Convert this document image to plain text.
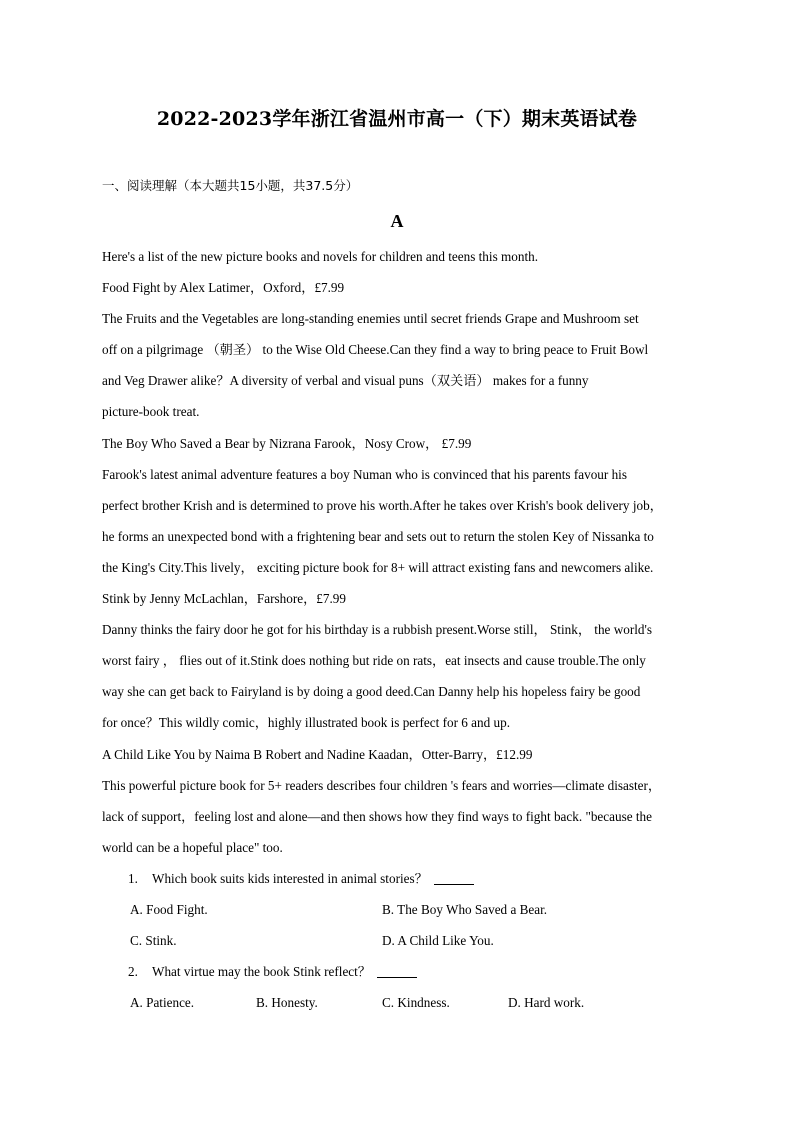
2022-2023学年浙江省温州市高一（下）期末英语试卷
一、阅读理解（本大题共15小题，共37.5分）
A
Here's a list of the new picture books and novels for children and teens this month.
Food Fight by Alex Latimer，Oxford，£7.99
The Fruits and the Vegetables are long-standing enemies until secret friends Grape and Mushroom set
off on a pilgrimage （朝圣） to the Wise Old Cheese.Can they find a way to bring peace to Fruit Bowl
and Veg Drawer alike？A diversity of verbal and visual puns（双关语） makes for a funny
picture-book treat.
The Boy Who Saved a Bear by Nizrana Farook，Nosy Crow， £7.99
Farook's latest animal adventure features a boy Numan who is convinced that his parents favour his
perfect brother Krish and is determined to prove his worth.After he takes over Krish's book delivery job，
he forms an unexpected bond with a frightening bear and sets out to return the stolen Key of Nissanka to
the King's City.This lively， exciting picture book for 8+ will attract existing fans and newcomers alike.
Stink by Jenny McLachlan，Farshore，£7.99
Danny thinks the fairy door he got for his birthday is a rubbish present.Worse still， Stink， the world's
worst fairy ， flies out of it.Stink does nothing but ride on rats，eat insects and cause trouble.The only
way she can get back to Fairyland is by doing a good deed.Can Danny help his hopeless fairy be good
for once？This wildly comic，highly illustrated book is perfect for 6 and up.
A Child Like You by Naima B Robert and Nadine Kaadan，Otter-Barry，£12.99
This powerful picture book for 5+ readers describes four children 's fears and worries—climate disaster，
lack of support，feeling lost and alone—and then shows how they find ways to fight back. "because the
world can be a hopeful place" too.
1. Which book suits kids interested in animal stories？
A. Food Fight.	B. The Boy Who Saved a Bear.
C. Stink.	D. A Child Like You.
2. What virtue may the book Stink reflect？
A. Patience.	B. Honesty.	C. Kindness.	D. Hard work.
